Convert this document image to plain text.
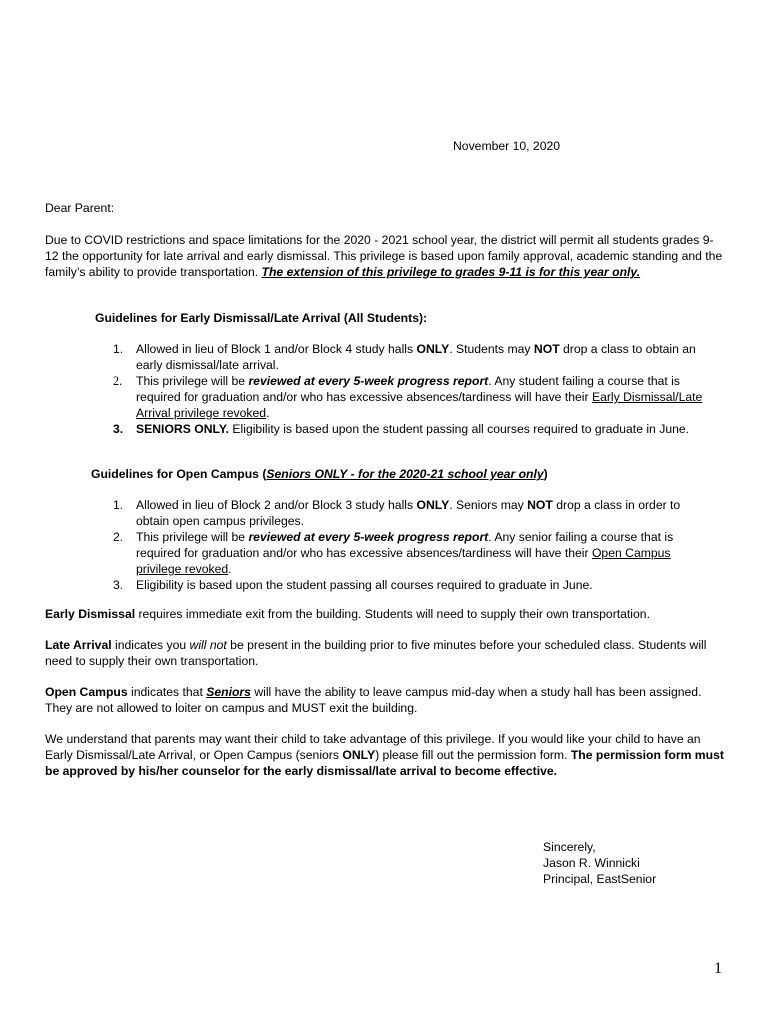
November 10, 2020
Dear Parent:

Due to COVID restrictions and space limitations for the 2020 - 2021 school year, the district will permit all students grades 9-12 the opportunity for late arrival and early dismissal. This privilege is based upon family approval, academic standing and the family’s ability to provide transportation. The extension of this privilege to grades 9-11 is for this year only.

Guidelines for Early Dismissal/Late Arrival (All Students):
1. Allowed in lieu of Block 1 and/or Block 4 study halls ONLY. Students may NOT drop a class to obtain an early dismissal/late arrival.
2. This privilege will be reviewed at every 5-week progress report. Any student failing a course that is required for graduation and/or who has excessive absences/tardiness will have their Early Dismissal/Late Arrival privilege revoked.
3. SENIORS ONLY. Eligibility is based upon the student passing all courses required to graduate in June.
Guidelines for Open Campus (Seniors ONLY - for the 2020-21 school year only)
1. Allowed in lieu of Block 2 and/or Block 3 study halls ONLY. Seniors may NOT drop a class in order to obtain open campus privileges.
2. This privilege will be reviewed at every 5-week progress report. Any senior failing a course that is required for graduation and/or who has excessive absences/tardiness will have their Open Campus privilege revoked.
3. Eligibility is based upon the student passing all courses required to graduate in June.

Early Dismissal requires immediate exit from the building. Students will need to supply their own transportation.

Late Arrival indicates you will not be present in the building prior to five minutes before your scheduled class. Students will need to supply their own transportation.

Open Campus indicates that Seniors will have the ability to leave campus mid-day when a study hall has been assigned. They are not allowed to loiter on campus and MUST exit the building.

We understand that parents may want their child to take advantage of this privilege. If you would like your child to have an Early Dismissal/Late Arrival, or Open Campus (seniors ONLY) please fill out the permission form. The permission form must be approved by his/her counselor for the early dismissal/late arrival to become effective.

Sincerely,
Jason R. Winnicki
Principal, EastSenior
1
